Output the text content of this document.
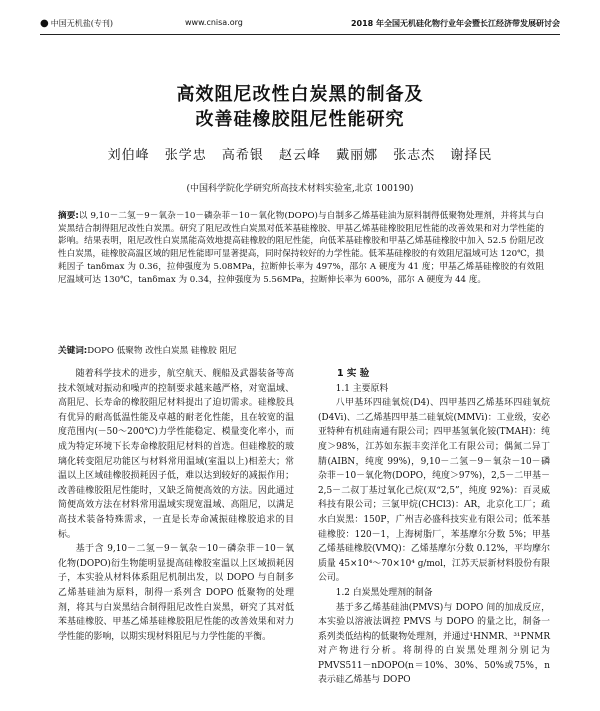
● 中国无机盐(专刊)	www.cnisa.org	2018 年全国无机硅化物行业年会暨长江经济带发展研讨会
高效阻尼改性白炭黑的制备及
改善硅橡胶阻尼性能研究
刘伯峰 张学忠 高希银 赵云峰 戴丽娜 张志杰 谢择民
(中国科学院化学研究所高技术材料实验室,北京 100190)
摘要:以 9,10－二氢－9－氧杂－10－磷杂菲－10－氧化物(DOPO)与自制多乙烯基硅油为原料制得低聚物处理剂，并将其与白炭黑结合制得阻尼改性白炭黑。研究了阻尼改性白炭黑对低苯基硅橡胶、甲基乙烯基硅橡胶阻尼性能的改善效果和对力学性能的影响。结果表明，阻尼改性白炭黑能高效地提高硅橡胶的阻尼性能，向低苯基硅橡胶和甲基乙烯基硅橡胶中加入 52.5 份阻尼改性白炭黑，硅橡胶高温区域的阻尼性能即可显著提高，同时保持较好的力学性能。低苯基硅橡胶的有效阻尼温域可达 120℃，损耗因子 tanδmax 为 0.36，拉伸强度为 5.08MPa，拉断伸长率为 497%，邵尔 A 硬度为 41 度；甲基乙烯基硅橡胶的有效阻尼温域可达 130℃，tanδmax 为 0.34，拉伸强度为 5.56MPa，拉断伸长率为 600%，邵尔 A 硬度为 44 度。
关键词:DOPO 低聚物 改性白炭黑 硅橡胶 阻尼

随着科学技术的进步，航空航天、舰船及武器装备等高技术领域对振动和噪声的控制要求越来越严格，对宽温域、高阻尼、长寿命的橡胶阻尼材料提出了迫切需求。硅橡胶具有优异的耐高低温性能及卓越的耐老化性能，且在较宽的温度范围内(－50～200℃)力学性能稳定、模量变化率小，而成为特定环境下长寿命橡胶阻尼材料的首选。但硅橡胶的玻璃化转变阻尼功能区与材料常用温域(室温以上)相差大；常温以上区域硅橡胶损耗因子低，难以达到较好的减振作用；改善硅橡胶阻尼性能时，又缺乏简便高效的方法。因此通过简便高效方法在材料常用温域实现宽温域、高阻尼，以满足高技术装备特殊需求，一直是长寿命减振硅橡胶追求的目标。

基于含 9,10－二氢－9－氧杂－10－磷杂菲－10－氧化物(DOPO)衍生物能明显提高硅橡胶室温以上区域损耗因子，本实验从材料体系阻尼机制出发，以 DOPO 与自制多乙烯基硅油为原料，制得一系列含 DOPO 低聚物的处理剂，将其与白炭黑结合制得阻尼改性白炭黑，研究了其对低苯基硅橡胶、甲基乙烯基硅橡胶阻尼性能的改善效果和对力学性能的影响，以期实现材料阻尼与力学性能的平衡。

1 实 验

1.1 主要原料

八甲基环四硅氧烷(D4)、四甲基四乙烯基环四硅氧烷(D4Vi)、二乙烯基四甲基二硅氧烷(MMVi)：工业级，安必亚特种有机硅南通有限公司；四甲基氢氧化铵(TMAH)：纯度＞98%，江苏如东振丰奕洋化工有限公司；偶氮二异丁腈(AIBN，纯度 99%)，9,10－二氢－9－氧杂－10－磷杂菲－10－氧化物(DOPO，纯度＞97%)，2,5－二甲基－2,5－二叔丁基过氧化己烷(双“2,5”，纯度 92%)：百灵威科技有限公司；三氯甲烷(CHCl3)：AR，北京化工厂；疏水白炭黑：150P，广州吉必盛科技实业有限公司；低苯基硅橡胶：120－1，上海树脂厂，苯基摩尔分数 5%；甲基乙烯基硅橡胶(VMQ)：乙烯基摩尔分数 0.12%，平均摩尔质量 45×10⁴～70×10⁴ g/mol，江苏天辰新材料股份有限公司。

1.2 白炭黑处理剂的制备

基于多乙烯基硅油(PMVS)与 DOPO 间的加成反应，本实验以溶液法调控 PMVS 与 DOPO 的量之比，制备一系列类低结构的低聚物处理剂，并通过¹HNMR、³¹PNMR 对产物进行分析。将制得的白炭黑处理剂分别记为 PMVS511－nDOPO(n＝10%、30%、50%或75%，n 表示硅乙烯基与 DOPO
